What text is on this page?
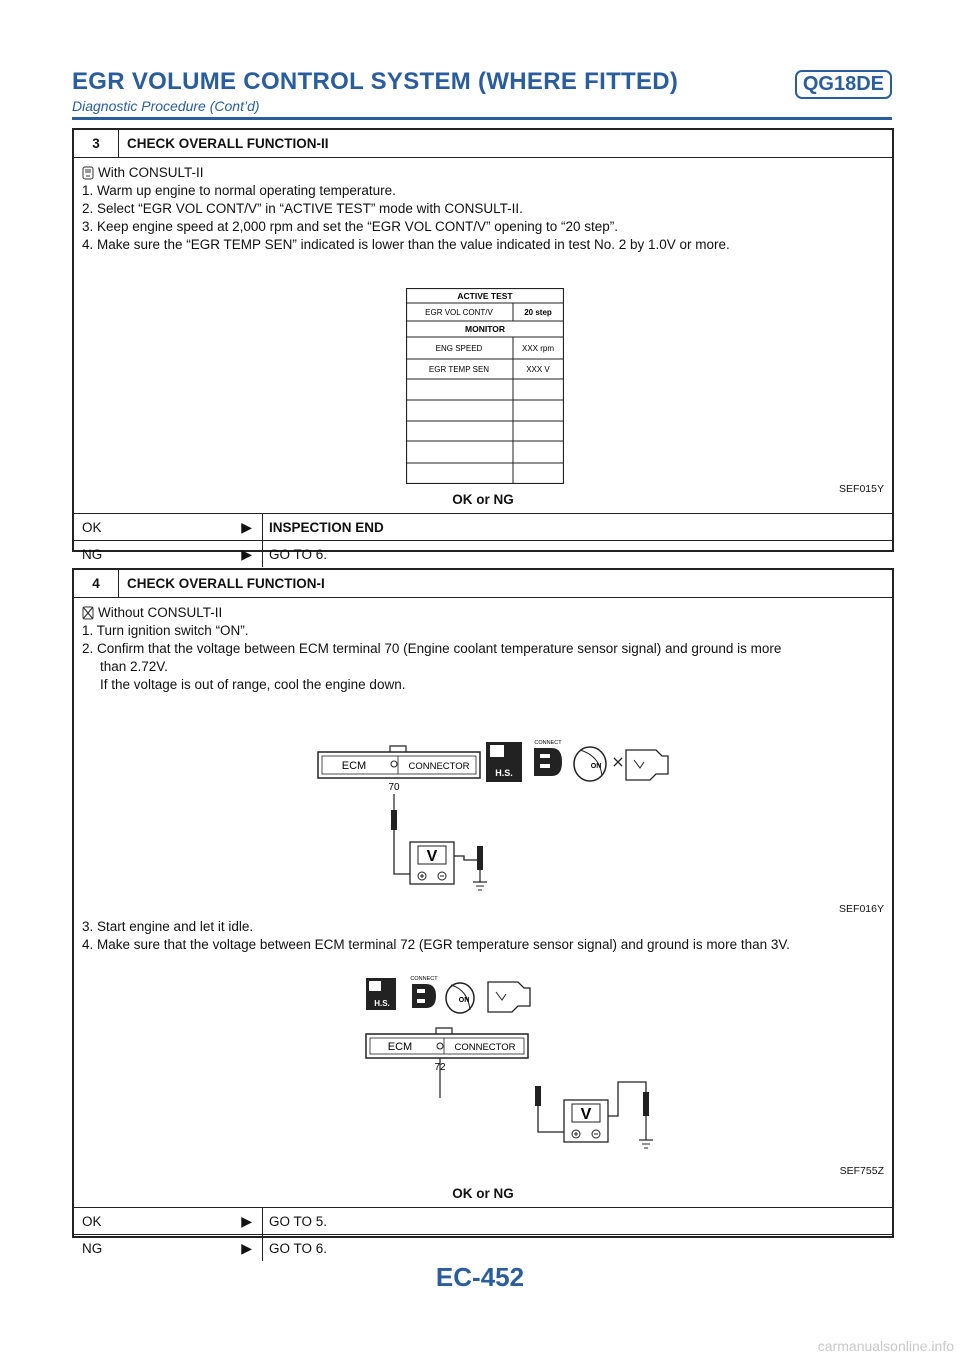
EGR VOLUME CONTROL SYSTEM (WHERE FITTED)	QG18DE
Diagnostic Procedure (Cont’d)
3	CHECK OVERALL FUNCTION-II
With CONSULT-II
1. Warm up engine to normal operating temperature.
2. Select “EGR VOL CONT/V” in “ACTIVE TEST” mode with CONSULT-II.
3. Keep engine speed at 2,000 rpm and set the “EGR VOL CONT/V” opening to “20 step”.
4. Make sure the “EGR TEMP SEN” indicated is lower than the value indicated in test No. 2 by 1.0V or more.
ACTIVE TEST
EGR VOL CONT/V	20 step
MONITOR
ENG SPEED	XXX rpm
EGR TEMP SEN	XXX V
SEF015Y
OK or NG
OK	▶	INSPECTION END
NG	▶	GO TO 6.
4	CHECK OVERALL FUNCTION-I
Without CONSULT-II
1. Turn ignition switch “ON”.
2. Confirm that the voltage between ECM terminal 70 (Engine coolant temperature sensor signal) and ground is more
than 2.72V.
If the voltage is out of range, cool the engine down.
ECM	CONNECTOR
70
V
H.S.
CONNECT
ON
SEF016Y
3. Start engine and let it idle.
4. Make sure that the voltage between ECM terminal 72 (EGR temperature sensor signal) and ground is more than 3V.
H.S.
CONNECT
ON
ECM	CONNECTOR
72
V
SEF755Z
OK or NG
OK	▶	GO TO 5.
NG	▶	GO TO 6.
EC-452
carmanualsonline.info
